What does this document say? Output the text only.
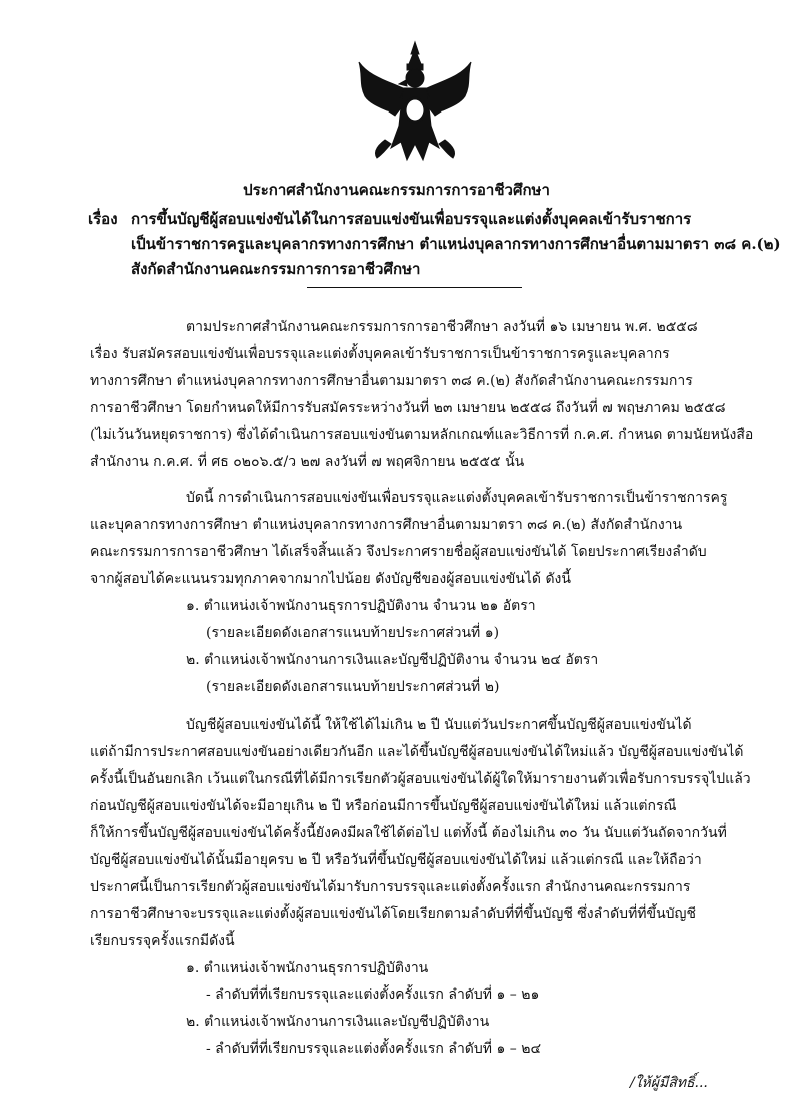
ประกาศสำนักงานคณะกรรมการการอาชีวศึกษา
เรื่อง การขึ้นบัญชีผู้สอบแข่งขันได้ในการสอบแข่งขันเพื่อบรรจุและแต่งตั้งบุคคลเข้ารับราชการ
เป็นข้าราชการครูและบุคลากรทางการศึกษา ตำแหน่งบุคลากรทางการศึกษาอื่นตามมาตรา ๓๘ ค.(๒)
สังกัดสำนักงานคณะกรรมการการอาชีวศึกษา
ตามประกาศสำนักงานคณะกรรมการการอาชีวศึกษา ลงวันที่ ๑๖ เมษายน พ.ศ. ๒๕๕๘
เรื่อง รับสมัครสอบแข่งขันเพื่อบรรจุและแต่งตั้งบุคคลเข้ารับราชการเป็นข้าราชการครูและบุคลากร
ทางการศึกษา ตำแหน่งบุคลากรทางการศึกษาอื่นตามมาตรา ๓๘ ค.(๒) สังกัดสำนักงานคณะกรรมการ
การอาชีวศึกษา โดยกำหนดให้มีการรับสมัครระหว่างวันที่ ๒๓ เมษายน ๒๕๕๘ ถึงวันที่ ๗ พฤษภาคม ๒๕๕๘
(ไม่เว้นวันหยุดราชการ) ซึ่งได้ดำเนินการสอบแข่งขันตามหลักเกณฑ์และวิธีการที่ ก.ค.ศ. กำหนด ตามนัยหนังสือ
สำนักงาน ก.ค.ศ. ที่ ศธ ๐๒๐๖.๕/ว ๒๗ ลงวันที่ ๗ พฤศจิกายน ๒๕๕๕ นั้น
บัดนี้ การดำเนินการสอบแข่งขันเพื่อบรรจุและแต่งตั้งบุคคลเข้ารับราชการเป็นข้าราชการครู
และบุคลากรทางการศึกษา ตำแหน่งบุคลากรทางการศึกษาอื่นตามมาตรา ๓๘ ค.(๒) สังกัดสำนักงาน
คณะกรรมการการอาชีวศึกษา ได้เสร็จสิ้นแล้ว จึงประกาศรายชื่อผู้สอบแข่งขันได้ โดยประกาศเรียงลำดับ
จากผู้สอบได้คะแนนรวมทุกภาคจากมากไปน้อย ดังบัญชีของผู้สอบแข่งขันได้ ดังนี้
๑. ตำแหน่งเจ้าพนักงานธุรการปฏิบัติงาน จำนวน ๒๑ อัตรา
(รายละเอียดดังเอกสารแนบท้ายประกาศส่วนที่ ๑)
๒. ตำแหน่งเจ้าพนักงานการเงินและบัญชีปฏิบัติงาน จำนวน ๒๔ อัตรา
(รายละเอียดดังเอกสารแนบท้ายประกาศส่วนที่ ๒)
บัญชีผู้สอบแข่งขันได้นี้ ให้ใช้ได้ไม่เกิน ๒ ปี นับแต่วันประกาศขึ้นบัญชีผู้สอบแข่งขันได้
แต่ถ้ามีการประกาศสอบแข่งขันอย่างเดียวกันอีก และได้ขึ้นบัญชีผู้สอบแข่งขันได้ใหม่แล้ว บัญชีผู้สอบแข่งขันได้
ครั้งนี้เป็นอันยกเลิก เว้นแต่ในกรณีที่ได้มีการเรียกตัวผู้สอบแข่งขันได้ผู้ใดให้มารายงานตัวเพื่อรับการบรรจุไปแล้ว
ก่อนบัญชีผู้สอบแข่งขันได้จะมีอายุเกิน ๒ ปี หรือก่อนมีการขึ้นบัญชีผู้สอบแข่งขันได้ใหม่ แล้วแต่กรณี
ก็ให้การขึ้นบัญชีผู้สอบแข่งขันได้ครั้งนี้ยังคงมีผลใช้ได้ต่อไป แต่ทั้งนี้ ต้องไม่เกิน ๓๐ วัน นับแต่วันถัดจากวันที่
บัญชีผู้สอบแข่งขันได้นั้นมีอายุครบ ๒ ปี หรือวันที่ขึ้นบัญชีผู้สอบแข่งขันได้ใหม่ แล้วแต่กรณี และให้ถือว่า
ประกาศนี้เป็นการเรียกตัวผู้สอบแข่งขันได้มารับการบรรจุและแต่งตั้งครั้งแรก สำนักงานคณะกรรมการ
การอาชีวศึกษาจะบรรจุและแต่งตั้งผู้สอบแข่งขันได้โดยเรียกตามลำดับที่ที่ขึ้นบัญชี ซึ่งลำดับที่ที่ขึ้นบัญชี
เรียกบรรจุครั้งแรกมีดังนี้
๑. ตำแหน่งเจ้าพนักงานธุรการปฏิบัติงาน
- ลำดับที่ที่เรียกบรรจุและแต่งตั้งครั้งแรก ลำดับที่ ๑ – ๒๑
๒. ตำแหน่งเจ้าพนักงานการเงินและบัญชีปฏิบัติงาน
- ลำดับที่ที่เรียกบรรจุและแต่งตั้งครั้งแรก ลำดับที่ ๑ – ๒๔
/ให้ผู้มีสิทธิ์...
